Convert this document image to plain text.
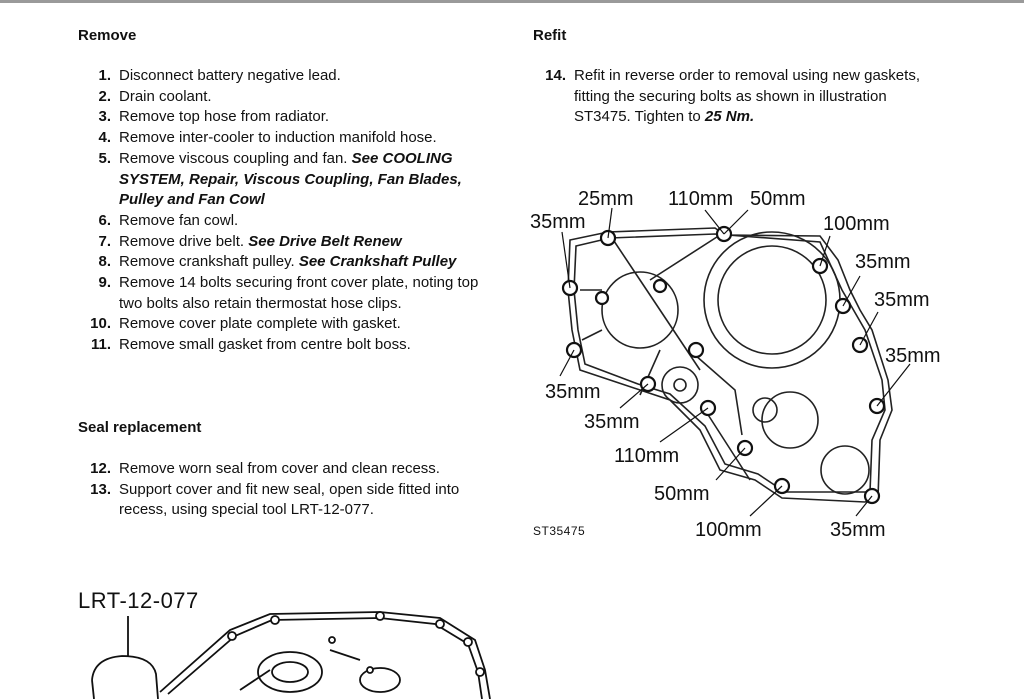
Remove
1. Disconnect battery negative lead.
2. Drain coolant.
3. Remove top hose from radiator.
4. Remove inter-cooler to induction manifold hose.
5. Remove viscous coupling and fan. See COOLING SYSTEM, Repair, Viscous Coupling, Fan Blades, Pulley and Fan Cowl
6. Remove fan cowl.
7. Remove drive belt. See Drive Belt Renew
8. Remove crankshaft pulley. See Crankshaft Pulley
9. Remove 14 bolts securing front cover plate, noting top two bolts also retain thermostat hose clips.
10. Remove cover plate complete with gasket.
11. Remove small gasket from centre bolt boss.
Seal replacement
12. Remove worn seal from cover and clean recess.
13. Support cover and fit new seal, open side fitted into recess, using special tool LRT-12-077.
Refit
14. Refit in reverse order to removal using new gaskets, fitting the securing bolts as shown in illustration ST3475. Tighten to 25 Nm.
ST35475
25mm 110mm 50mm
35mm	100mm
35mm
35mm
35mm
35mm
35mm
110mm
50mm
100mm	35mm
LRT-12-077
